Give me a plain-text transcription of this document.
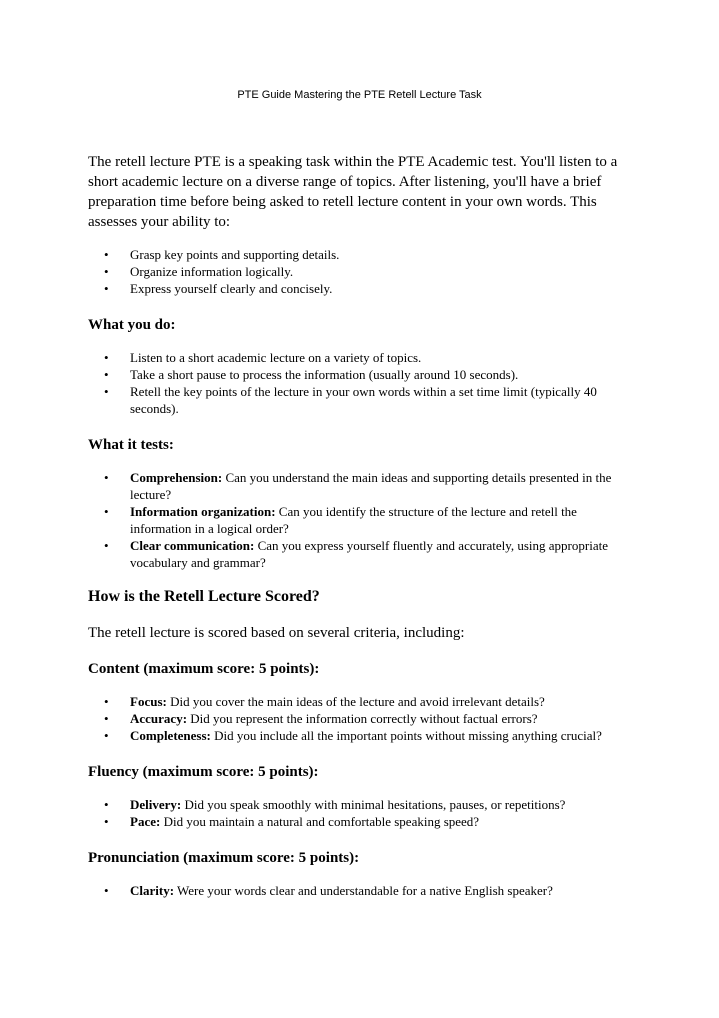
PTE Guide Mastering the PTE Retell Lecture Task

The retell lecture PTE is a speaking task within the PTE Academic test. You'll listen to a short academic lecture on a diverse range of topics. After listening, you'll have a brief preparation time before being asked to retell lecture content in your own words. This assesses your ability to:

• Grasp key points and supporting details.
• Organize information logically.
• Express yourself clearly and concisely.
What you do:
• Listen to a short academic lecture on a variety of topics.
• Take a short pause to process the information (usually around 10 seconds).
• Retell the key points of the lecture in your own words within a set time limit (typically 40 seconds).
What it tests:
• Comprehension: Can you understand the main ideas and supporting details presented in the lecture?
• Information organization: Can you identify the structure of the lecture and retell the information in a logical order?
• Clear communication: Can you express yourself fluently and accurately, using appropriate vocabulary and grammar?
How is the Retell Lecture Scored?

The retell lecture is scored based on several criteria, including:

Content (maximum score: 5 points):
• Focus: Did you cover the main ideas of the lecture and avoid irrelevant details?
• Accuracy: Did you represent the information correctly without factual errors?
• Completeness: Did you include all the important points without missing anything crucial?
Fluency (maximum score: 5 points):
• Delivery: Did you speak smoothly with minimal hesitations, pauses, or repetitions?
• Pace: Did you maintain a natural and comfortable speaking speed?
Pronunciation (maximum score: 5 points):
• Clarity: Were your words clear and understandable for a native English speaker?
